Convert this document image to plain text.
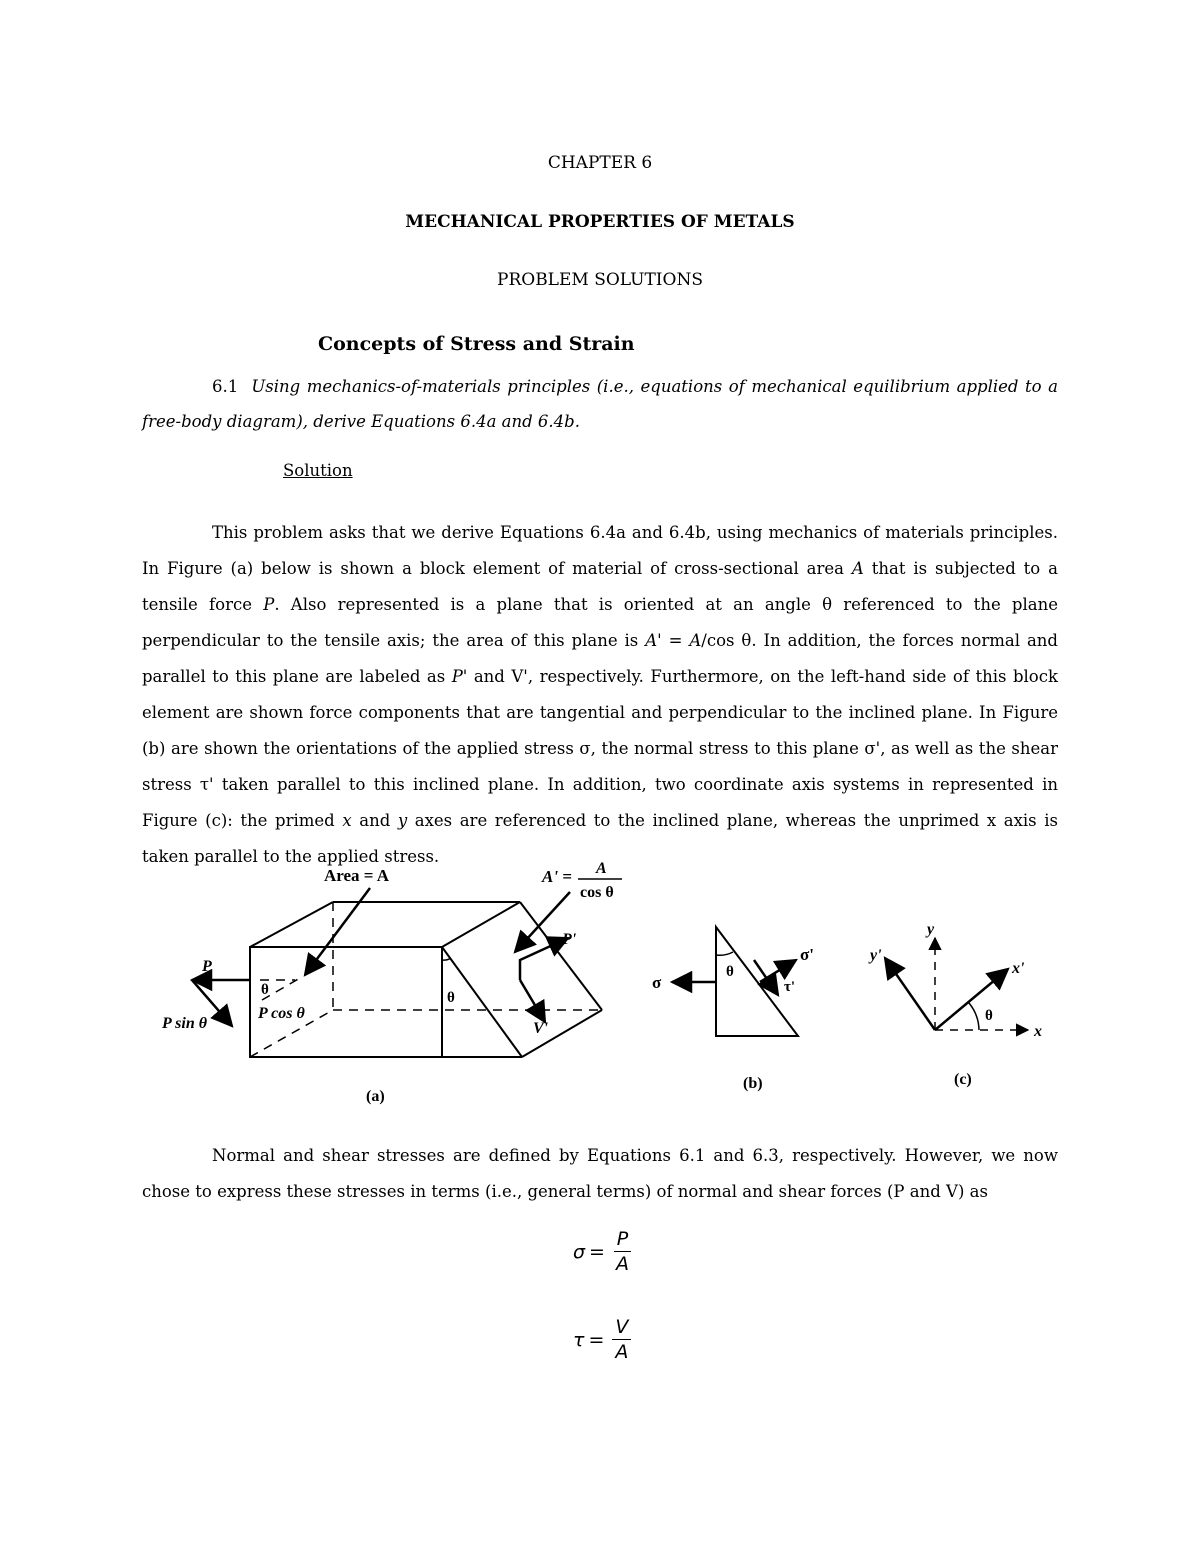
CHAPTER 6
MECHANICAL PROPERTIES OF METALS
PROBLEM SOLUTIONS
Concepts of Stress and Strain
6.1 Using mechanics-of-materials principles (i.e., equations of mechanical equilibrium applied to a free-body diagram), derive Equations 6.4a and 6.4b.
Solution
This problem asks that we derive Equations 6.4a and 6.4b, using mechanics of materials principles. In Figure (a) below is shown a block element of material of cross-sectional area A that is subjected to a tensile force P. Also represented is a plane that is oriented at an angle θ referenced to the plane perpendicular to the tensile axis; the area of this plane is A' = A/cos θ. In addition, the forces normal and parallel to this plane are labeled as P' and V', respectively. Furthermore, on the left-hand side of this block element are shown force components that are tangential and perpendicular to the inclined plane. In Figure (b) are shown the orientations of the applied stress σ, the normal stress to this plane σ', as well as the shear stress τ' taken parallel to this inclined plane. In addition, two coordinate axis systems in represented in Figure (c): the primed x and y axes are referenced to the inclined plane, whereas the unprimed x axis is taken parallel to the applied stress.
Area = A	A' = A
cos θ
P
P sin θ
P cos θ
θ	θ
P'
V'
(a)
σ
σ'
τ'
θ
(b)
y
y'
x'
x
θ
(c)
Normal and shear stresses are defined by Equations 6.1 and 6.3, respectively. However, we now chose to express these stresses in terms (i.e., general terms) of normal and shear forces (P and V) as
$\sigma = \frac{P}{A}$
$\tau = \frac{V}{A}$
